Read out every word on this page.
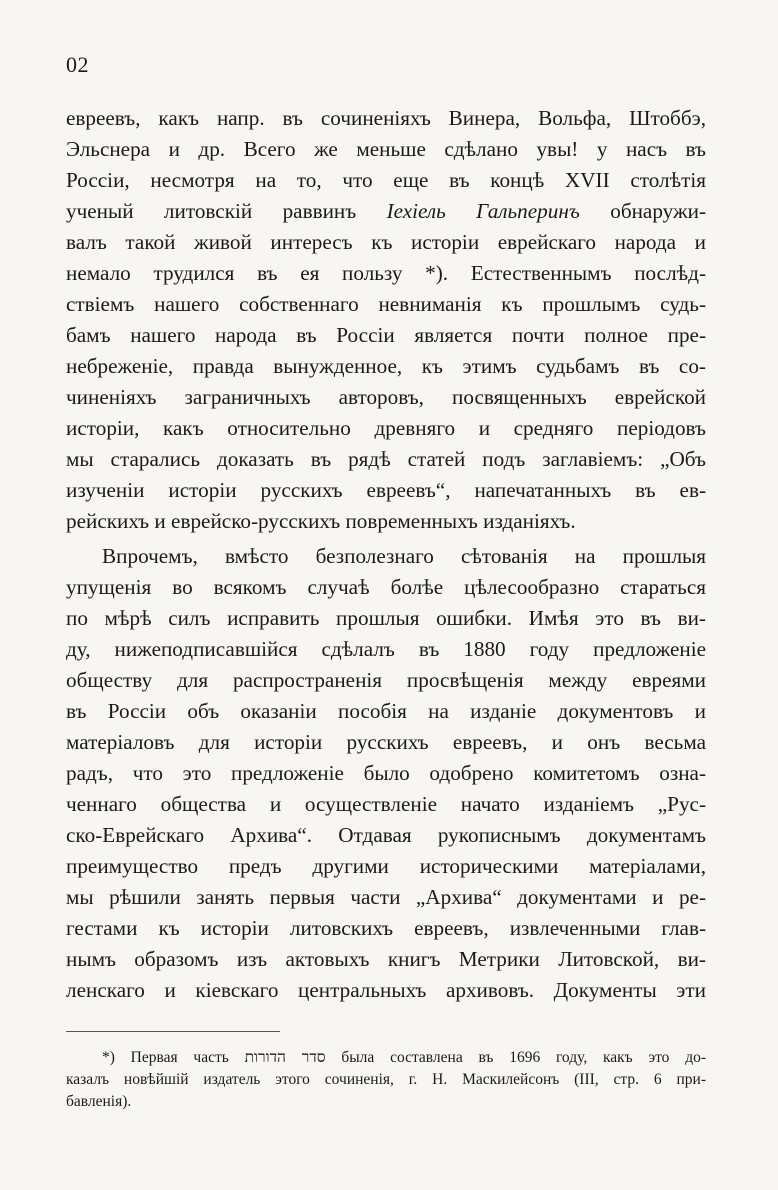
02
евреевъ, какъ напр. въ сочиненіяхъ Винера, Вольфа, Штоббэ,
Эльснера и др. Всего же меньше сдѣлано увы! у насъ въ
Россіи, несмотря на то, что еще въ концѣ XVII столѣтія
ученый литовскій раввинъ Іехіель Гальперинъ обнаружи-
валъ такой живой интересъ къ исторіи еврейскаго народа и
немало трудился въ ея пользу *). Естественнымъ послѣд-
ствіемъ нашего собственнаго невниманія къ прошлымъ судь-
бамъ нашего народа въ Россіи является почти полное пре-
небреженіе, правда вынужденное, къ этимъ судьбамъ въ со-
чиненіяхъ заграничныхъ авторовъ, посвященныхъ еврейской
исторіи, какъ относительно древняго и средняго періодовъ
мы старались доказать въ рядѣ статей подъ заглавіемъ: „Объ
изученіи исторіи русскихъ евреевъ“, напечатанныхъ въ ев-
рейскихъ и еврейско-русскихъ повременныхъ изданіяхъ.
Впрочемъ, вмѣсто безполезнаго сѣтованія на прошлыя
упущенія во всякомъ случаѣ болѣе цѣлесообразно стараться
по мѣрѣ силъ исправить прошлыя ошибки. Имѣя это въ ви-
ду, нижеподписавшійся сдѣлалъ въ 1880 году предложеніе
обществу для распространенія просвѣщенія между евреями
въ Россіи объ оказаніи пособія на изданіе документовъ и
матеріаловъ для исторіи русскихъ евреевъ, и онъ весьма
радъ, что это предложеніе было одобрено комитетомъ озна-
ченнаго общества и осуществленіе начато изданіемъ „Рус-
ско-Еврейскаго Архива“. Отдавая рукописнымъ документамъ
преимущество предъ другими историческими матеріалами,
мы рѣшили занять первыя части „Архива“ документами и ре-
гестами къ исторіи литовскихъ евреевъ, извлеченными глав-
нымъ образомъ изъ актовыхъ книгъ Метрики Литовской, ви-
ленскаго и кіевскаго центральныхъ архивовъ. Документы эти
*) Первая часть סדר הדורות была составлена въ 1696 году, какъ это до-
казалъ новѣйшій издатель этого сочиненія, г. Н. Маскилейсонъ (III, стр. 6 при-
бавленія).
